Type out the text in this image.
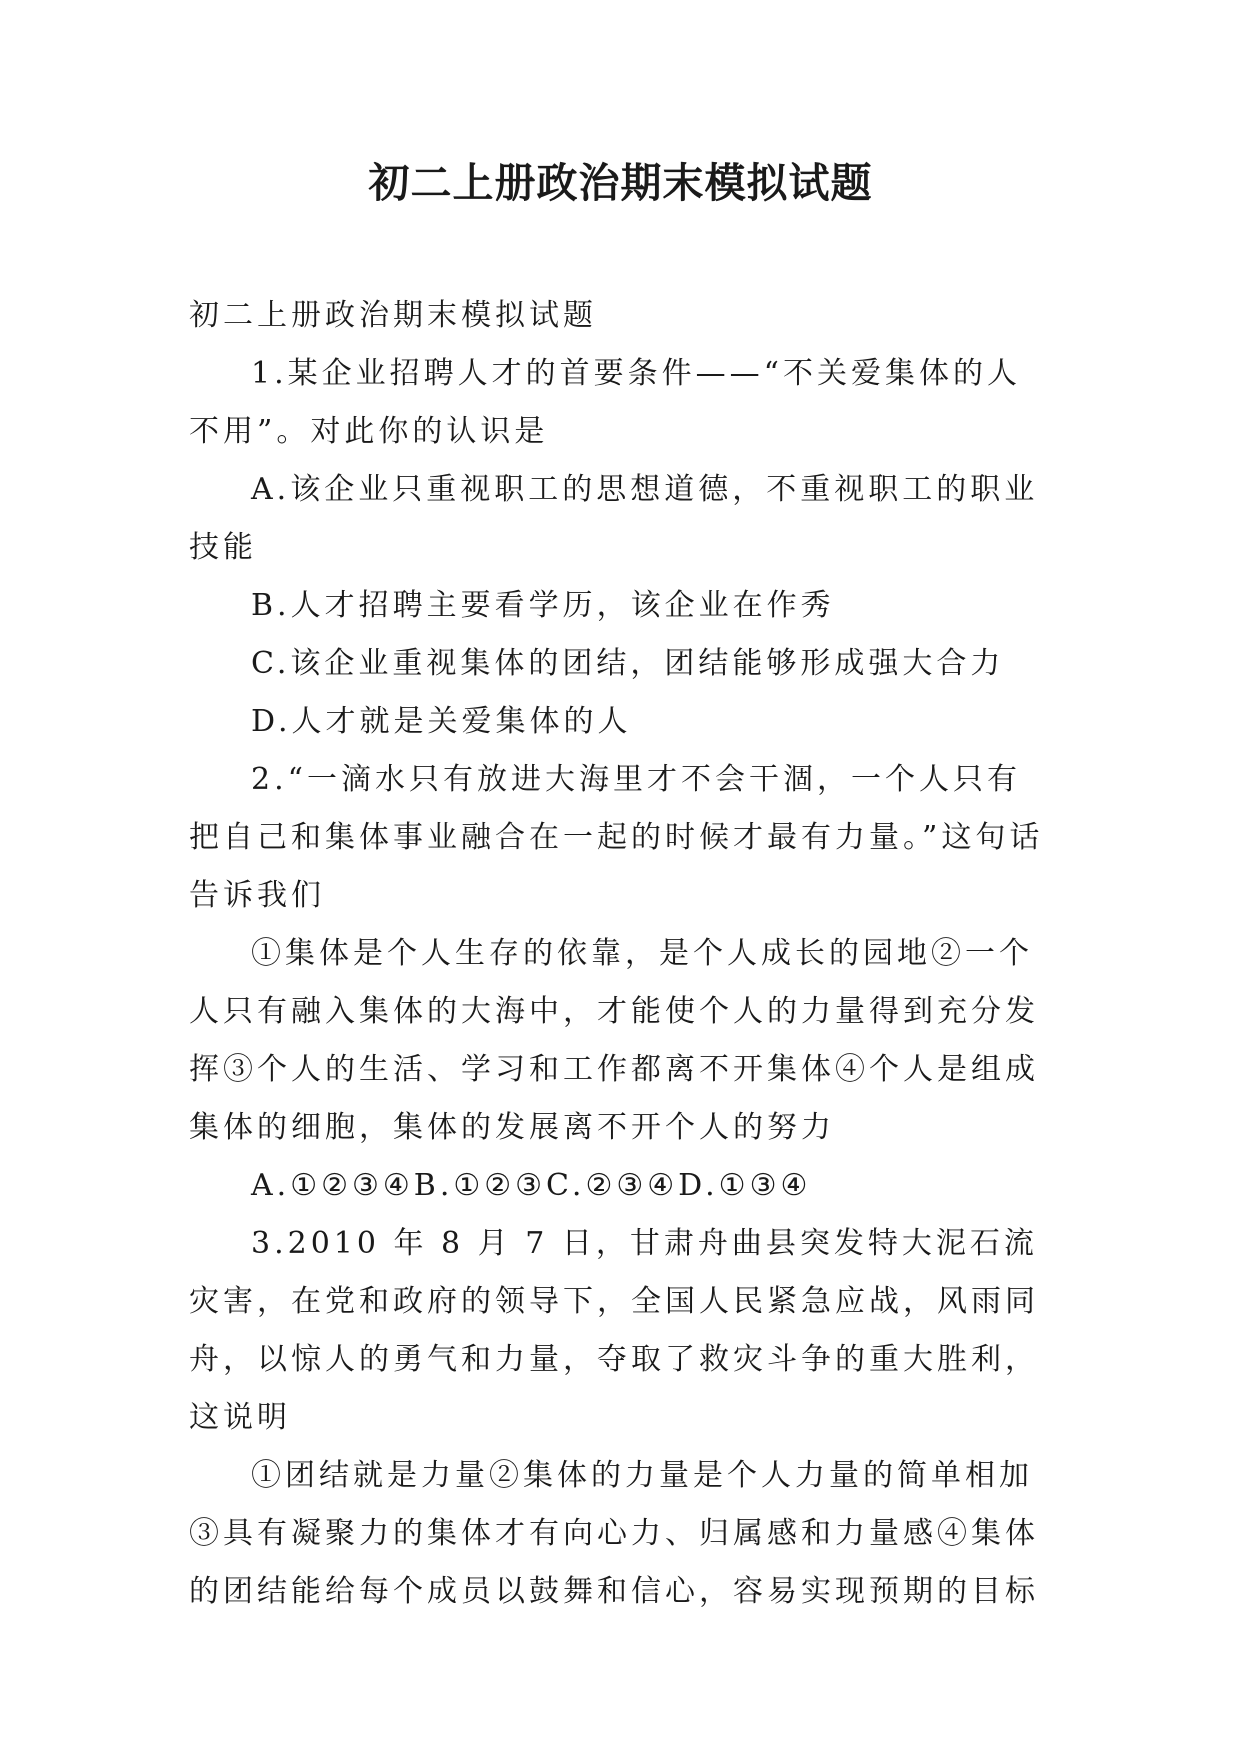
初二上册政治期末模拟试题

初二上册政治期末模拟试题

1.某企业招聘人才的首要条件——“不关爱集体的人不用”。对此你的认识是

A.该企业只重视职工的思想道德，不重视职工的职业技能

B.人才招聘主要看学历，该企业在作秀

C.该企业重视集体的团结，团结能够形成强大合力

D.人才就是关爱集体的人

2.“一滴水只有放进大海里才不会干涸，一个人只有把自己和集体事业融合在一起的时候才最有力量。”这句话告诉我们

①集体是个人生存的依靠，是个人成长的园地②一个人只有融入集体的大海中，才能使个人的力量得到充分发挥③个人的生活、学习和工作都离不开集体④个人是组成集体的细胞，集体的发展离不开个人的努力

A.①②③④B.①②③C.②③④D.①③④

3.2010 年 8 月 7 日，甘肃舟曲县突发特大泥石流灾害，在党和政府的领导下，全国人民紧急应战，风雨同舟，以惊人的勇气和力量，夺取了救灾斗争的重大胜利，这说明

①团结就是力量②集体的力量是个人力量的简单相加③具有凝聚力的集体才有向心力、归属感和力量感④集体的团结能给每个成员以鼓舞和信心，容易实现预期的目标
